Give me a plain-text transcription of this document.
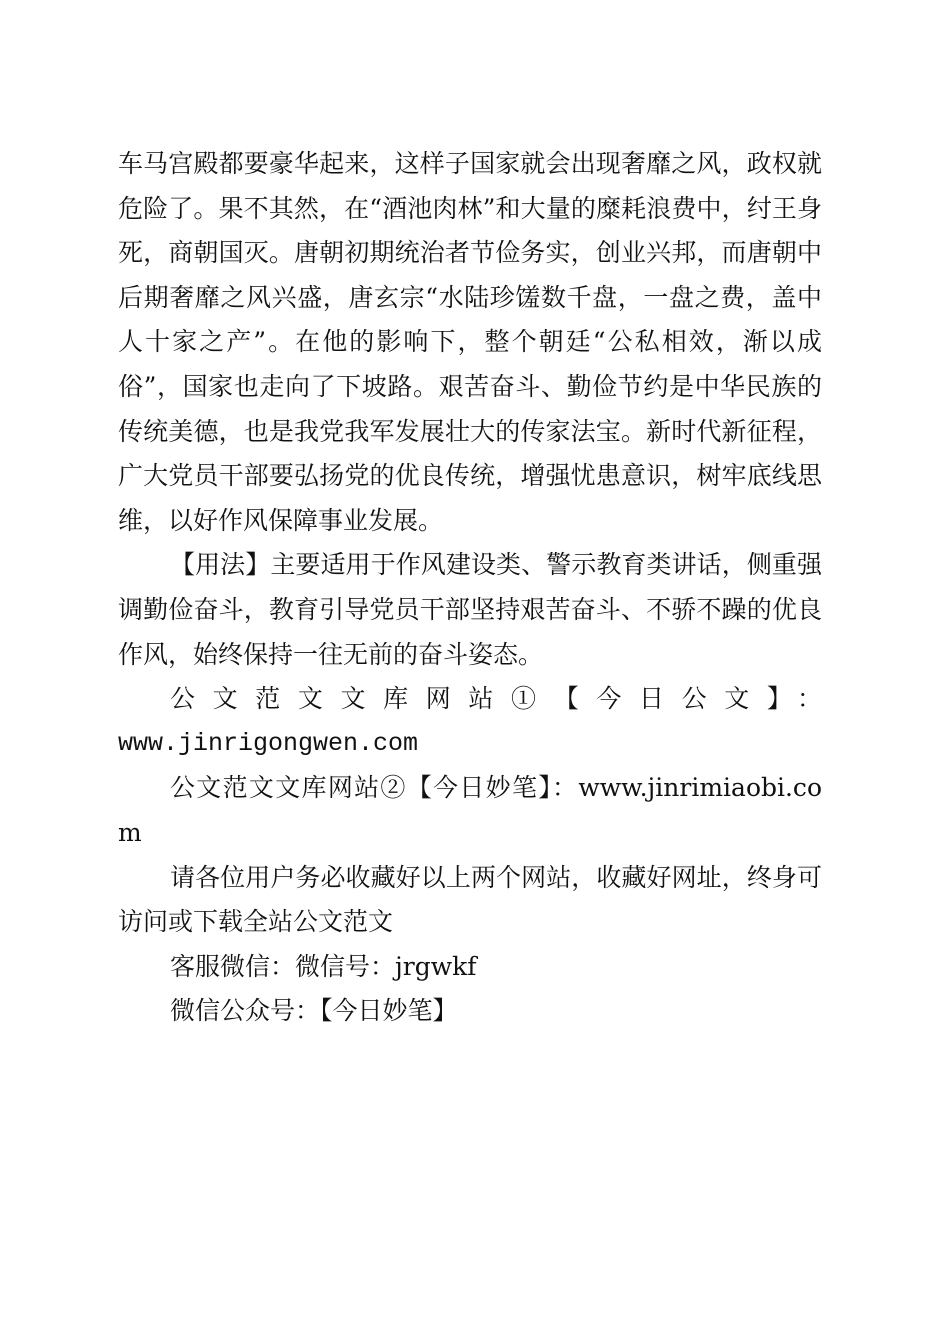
车马宫殿都要豪华起来，这样子国家就会出现奢靡之风，政权就危险了。果不其然，在“酒池肉林”和大量的糜耗浪费中，纣王身死，商朝国灭。唐朝初期统治者节俭务实，创业兴邦，而唐朝中后期奢靡之风兴盛，唐玄宗“水陆珍馐数千盘，一盘之费，盖中人十家之产”。在他的影响下，整个朝廷“公私相效，渐以成俗”，国家也走向了下坡路。艰苦奋斗、勤俭节约是中华民族的传统美德，也是我党我军发展壮大的传家法宝。新时代新征程，广大党员干部要弘扬党的优良传统，增强忧患意识，树牢底线思维，以好作风保障事业发展。

【用法】主要适用于作风建设类、警示教育类讲话，侧重强调勤俭奋斗，教育引导党员干部坚持艰苦奋斗、不骄不躁的优良作风，始终保持一往无前的奋斗姿态。

公文范文文库网站①【今日公文】：

www.jinrigongwen.com

公文范文文库网站②【今日妙笔】：www.jinrimiaobi.com

请各位用户务必收藏好以上两个网站，收藏好网址，终身可访问或下载全站公文范文

客服微信：微信号：jrgwkf

微信公众号：【今日妙笔】
